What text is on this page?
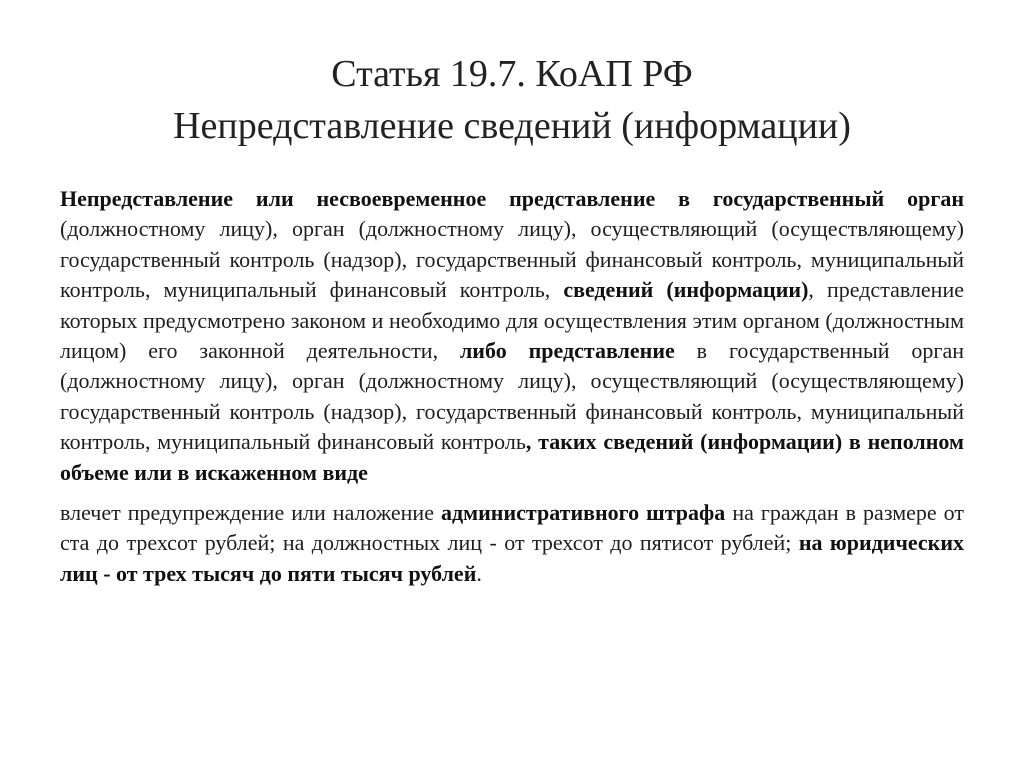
Статья 19.7. КоАП РФ
Непредставление сведений (информации)

Непредставление или несвоевременное представление в государственный орган (должностному лицу), орган (должностному лицу), осуществляющий (осуществляющему) государственный контроль (надзор), государственный финансовый контроль, муниципальный контроль, муниципальный финансовый контроль, сведений (информации), представление которых предусмотрено законом и необходимо для осуществления этим органом (должностным лицом) его законной деятельности, либо представление в государственный орган (должностному лицу), орган (должностному лицу), осуществляющий (осуществляющему) государственный контроль (надзор), государственный финансовый контроль, муниципальный контроль, муниципальный финансовый контроль, таких сведений (информации) в неполном объеме или в искаженном виде

влечет предупреждение или наложение административного штрафа на граждан в размере от ста до трехсот рублей; на должностных лиц - от трехсот до пятисот рублей; на юридических лиц - от трех тысяч до пяти тысяч рублей.
